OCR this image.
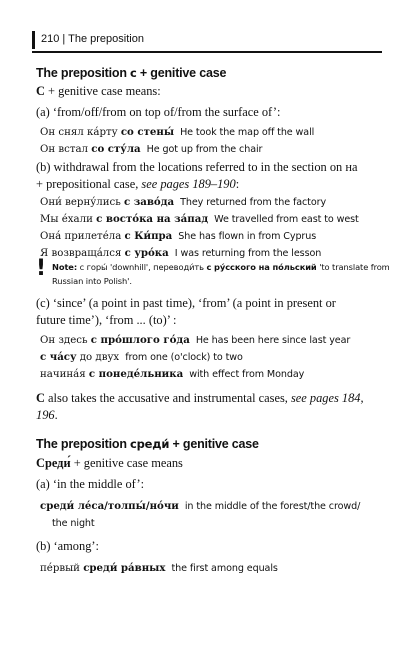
210 | The preposition
The preposition с + genitive case
С + genitive case means:
(a) ‘from/off/from on top of/from the surface of’:
Он снял ка́рту со стены́ He took the map off the wall
Он встал со сту́ла He got up from the chair
(b) withdrawal from the locations referred to in the section on на
+ prepositional case, see pages 189–190:
Они́ верну́лись с заво́да They returned from the factory
Мы е́хали с восто́ка на за́пад We travelled from east to west
Она́ прилете́ла с Ки́пра She has flown in from Cyprus
Я возвраща́лся с уро́ка I was returning from the lesson
! Note: с горы́ 'downhill', переводи́ть с ру́сского на по́льский 'to translate from
Russian into Polish'.
(c) ‘since’ (a point in past time), ‘from’ (a point in present or
future time’), ‘from ... (to)’ :
Он здесь с про́шлого го́да He has been here since last year
с ча́су до двух from one (o'clock) to two
начина́я с понеде́льника with effect from Monday
С also takes the accusative and instrumental cases, see pages 184,
196.
The preposition среди́ + genitive case
Среди́ + genitive case means
(a) ‘in the middle of’:
среди́ ле́са/толпы́/но́чи in the middle of the forest/the crowd/
the night
(b) ‘among’:
пе́рвый среди́ ра́вных the first among equals
